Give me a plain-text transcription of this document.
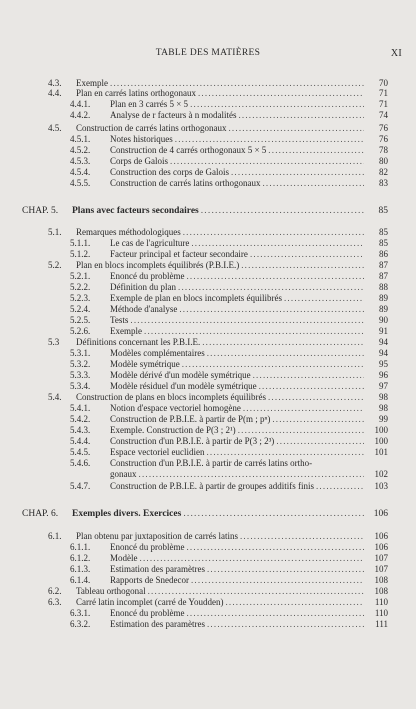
TABLE DES MATIÈRES	XI
4.3. Exemple .....	70
4.4. Plan en carrés latins orthogonaux .....	71
4.4.1. Plan en 3 carrés 5 × 5 .....	71
4.4.2. Analyse de r facteurs à n modalités .....	74
4.5. Construction de carrés latins orthogonaux .....	76
4.5.1. Notes historiques .....	76
4.5.2. Construction de 4 carrés orthogonaux 5 × 5 .....	78
4.5.3. Corps de Galois .....	80
4.5.4. Construction des corps de Galois .....	82
4.5.5. Construction de carrés latins orthogonaux .....	83
CHAP. 5. Plans avec facteurs secondaires .....	85
5.1. Remarques méthodologiques .....	85
5.1.1. Le cas de l'agriculture .....	85
5.1.2. Facteur principal et facteur secondaire .....	86
5.2. Plan en blocs incomplets équilibrés (P.B.I.E.) .....	87
5.2.1. Enoncé du problème .....	87
5.2.2. Définition du plan .....	88
5.2.3. Exemple de plan en blocs incomplets équilibrés .....	89
5.2.4. Méthode d'analyse .....	89
5.2.5. Tests .....	90
5.2.6. Exemple .....	91
5.3 Définitions concernant les P.B.I.E. .....	94
5.3.1. Modèles complémentaires .....	94
5.3.2. Modèle symétrique .....	95
5.3.3. Modèle dérivé d'un modèle symétrique .....	96
5.3.4. Modèle résiduel d'un modèle symétrique .....	97
5.4. Construction de plans en blocs incomplets équilibrés .....	98
5.4.1. Notion d'espace vectoriel homogène .....	98
5.4.2. Construction de P.B.I.E. à partir de P(m ; pⁿ) .....	99
5.4.3. Exemple. Construction de P(3 ; 2¹) .....	100
5.4.4. Construction d'un P.B.I.E. à partir de P(3 ; 2³) .....	100
5.4.5. Espace vectoriel euclidien .....	101
5.4.6. Construction d'un P.B.I.E. à partir de carrés latins ortho-
gonaux .....	102
5.4.7. Construction de P.B.I.E. à partir de groupes additifs finis .....	103
CHAP. 6. Exemples divers. Exercices .....	106
6.1. Plan obtenu par juxtaposition de carrés latins .....	106
6.1.1. Enoncé du problème .....	106
6.1.2. Modèle .....	107
6.1.3. Estimation des paramètres .....	107
6.1.4. Rapports de Snedecor .....	108
6.2. Tableau orthogonal .....	108
6.3. Carré latin incomplet (carré de Youdden) .....	110
6.3.1. Enoncé du problème .....	110
6.3.2. Estimation des paramètres .....	111
